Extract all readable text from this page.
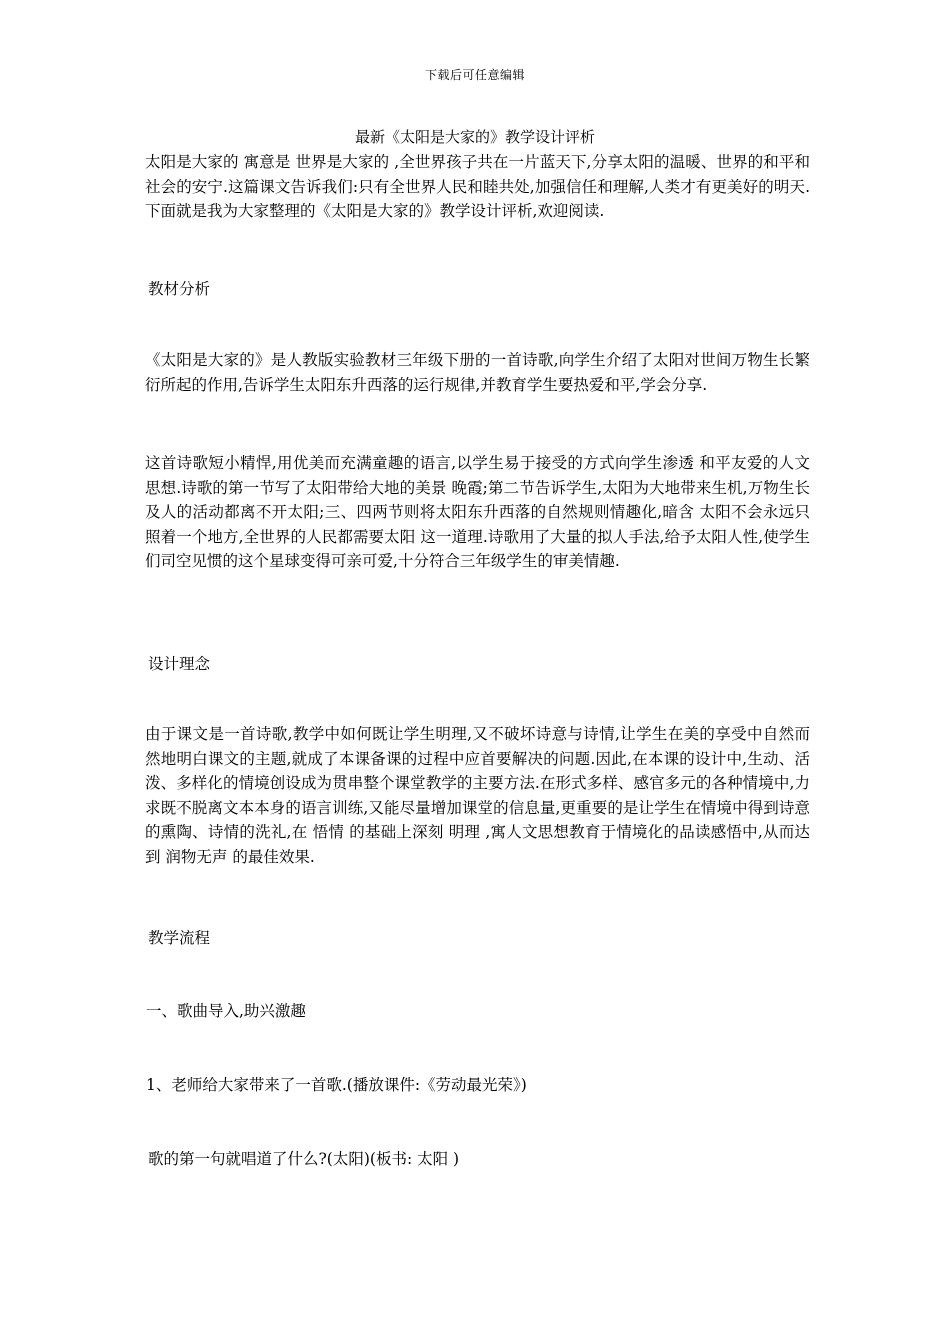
下载后可任意编辑
最新《太阳是大家的》教学设计评析

太阳是大家的 寓意是 世界是大家的 ,全世界孩子共在一片蓝天下,分享太阳的温暖、世界的和平和社会的安宁.这篇课文告诉我们:只有全世界人民和睦共处,加强信任和理解,人类才有更美好的明天.下面就是我为大家整理的《太阳是大家的》教学设计评析,欢迎阅读.

教材分析

《太阳是大家的》是人教版实验教材三年级下册的一首诗歌,向学生介绍了太阳对世间万物生长繁衍所起的作用,告诉学生太阳东升西落的运行规律,并教育学生要热爱和平,学会分享.

这首诗歌短小精悍,用优美而充满童趣的语言,以学生易于接受的方式向学生渗透 和平友爱的人文思想.诗歌的第一节写了太阳带给大地的美景 晚霞;第二节告诉学生,太阳为大地带来生机,万物生长及人的活动都离不开太阳;三、四两节则将太阳东升西落的自然规则情趣化,暗含 太阳不会永远只照着一个地方,全世界的人民都需要太阳 这一道理.诗歌用了大量的拟人手法,给予太阳人性,使学生们司空见惯的这个星球变得可亲可爱,十分符合三年级学生的审美情趣.

设计理念

由于课文是一首诗歌,教学中如何既让学生明理,又不破坏诗意与诗情,让学生在美的享受中自然而然地明白课文的主题,就成了本课备课的过程中应首要解决的问题.因此,在本课的设计中,生动、活泼、多样化的情境创设成为贯串整个课堂教学的主要方法.在形式多样、感官多元的各种情境中,力求既不脱离文本本身的语言训练,又能尽量增加课堂的信息量,更重要的是让学生在情境中得到诗意的熏陶、诗情的洗礼,在 悟情 的基础上深刻 明理 ,寓人文思想教育于情境化的品读感悟中,从而达到 润物无声 的最佳效果.

教学流程

一、歌曲导入,助兴激趣

1、老师给大家带来了一首歌.(播放课件:《劳动最光荣》)

歌的第一句就唱道了什么?(太阳)(板书: 太阳 )
